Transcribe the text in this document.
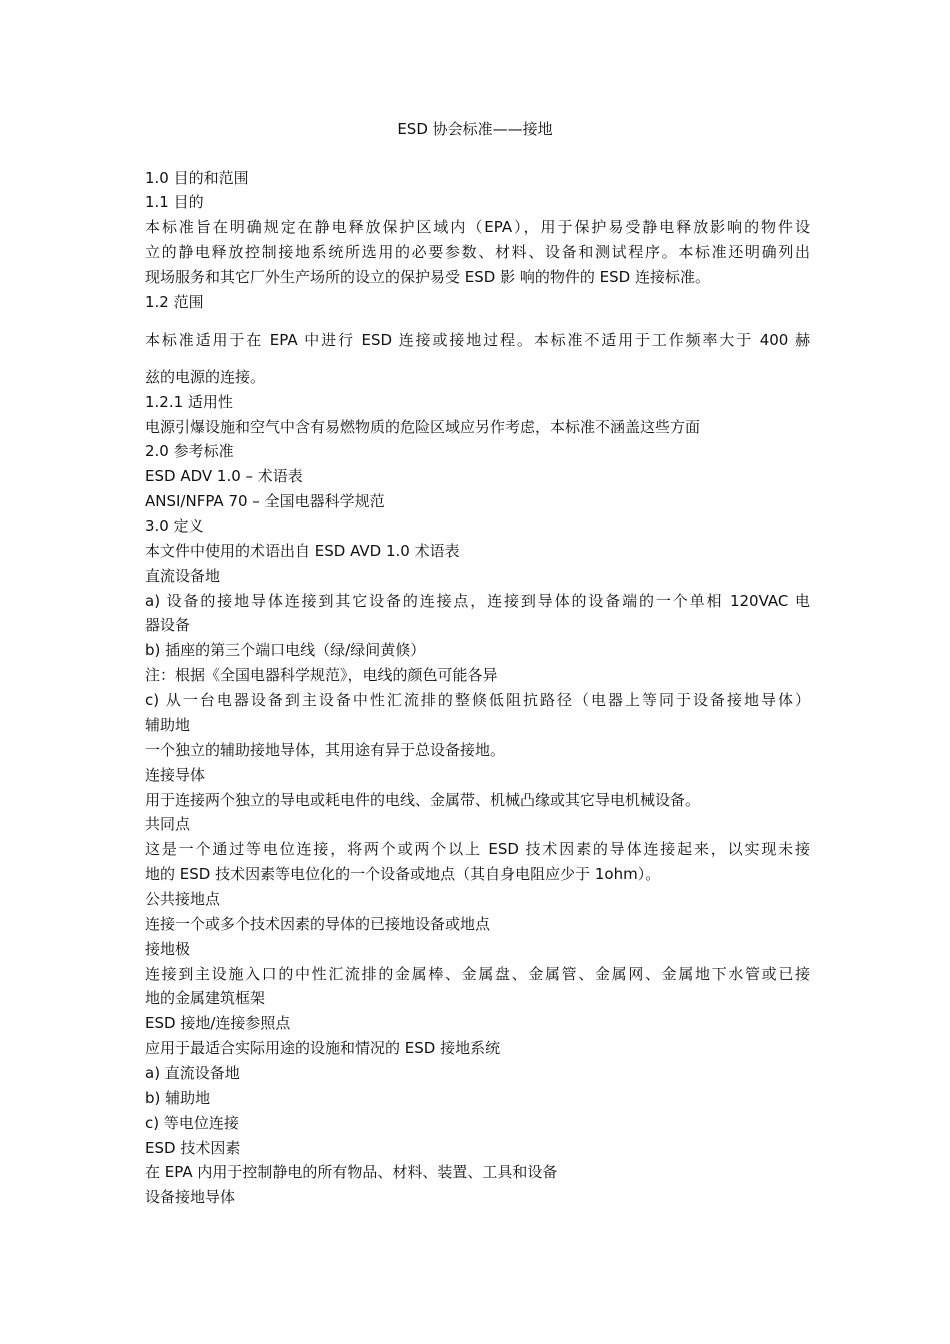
ESD 协会标准——接地
1.0 目的和范围
1.1 目的
本标准旨在明确规定在静电释放保护区域内（EPA），用于保护易受静电释放影响的物件设
立的静电释放控制接地系统所选用的必要参数、材料、设备和测试程序。本标准还明确列出
现场服务和其它厂外生产场所的设立的保护易受 ESD 影 响的物件的 ESD 连接标准。
1.2 范围
本标准适用于在 EPA 中进行 ESD 连接或接地过程。本标准不适用于工作频率大于 400 赫
兹的电源的连接。
1.2.1 适用性
电源引爆设施和空气中含有易燃物质的危险区域应另作考虑，本标准不涵盖这些方面
2.0 参考标准
ESD ADV 1.0 – 术语表
ANSI/NFPA 70 – 全国电器科学规范
3.0 定义
本文件中使用的术语出自 ESD AVD 1.0 术语表
直流设备地
a) 设备的接地导体连接到其它设备的连接点，连接到导体的设备端的一个单相 120VAC 电
器设备
b) 插座的第三个端口电线（绿/绿间黄倏）
注：根据《全国电器科学规范》，电线的颜色可能各异
c) 从一台电器设备到主设备中性汇流排的整倏低阻抗路径（电器上等同于设备接地导体）
辅助地
一个独立的辅助接地导体，其用途有异于总设备接地。
连接导体
用于连接两个独立的导电或耗电件的电线、金属带、机械凸缘或其它导电机械设备。
共同点
这是一个通过等电位连接，将两个或两个以上 ESD 技术因素的导体连接起来，以实现未接
地的 ESD 技术因素等电位化的一个设备或地点（其自身电阻应少于 1ohm）。
公共接地点
连接一个或多个技术因素的导体的已接地设备或地点
接地极
连接到主设施入口的中性汇流排的金属棒、金属盘、金属管、金属网、金属地下水管或已接
地的金属建筑框架
ESD 接地/连接参照点
应用于最适合实际用途的设施和情况的 ESD 接地系统
a) 直流设备地
b) 辅助地
c) 等电位连接
ESD 技术因素
在 EPA 内用于控制静电的所有物品、材料、装置、工具和设备
设备接地导体
